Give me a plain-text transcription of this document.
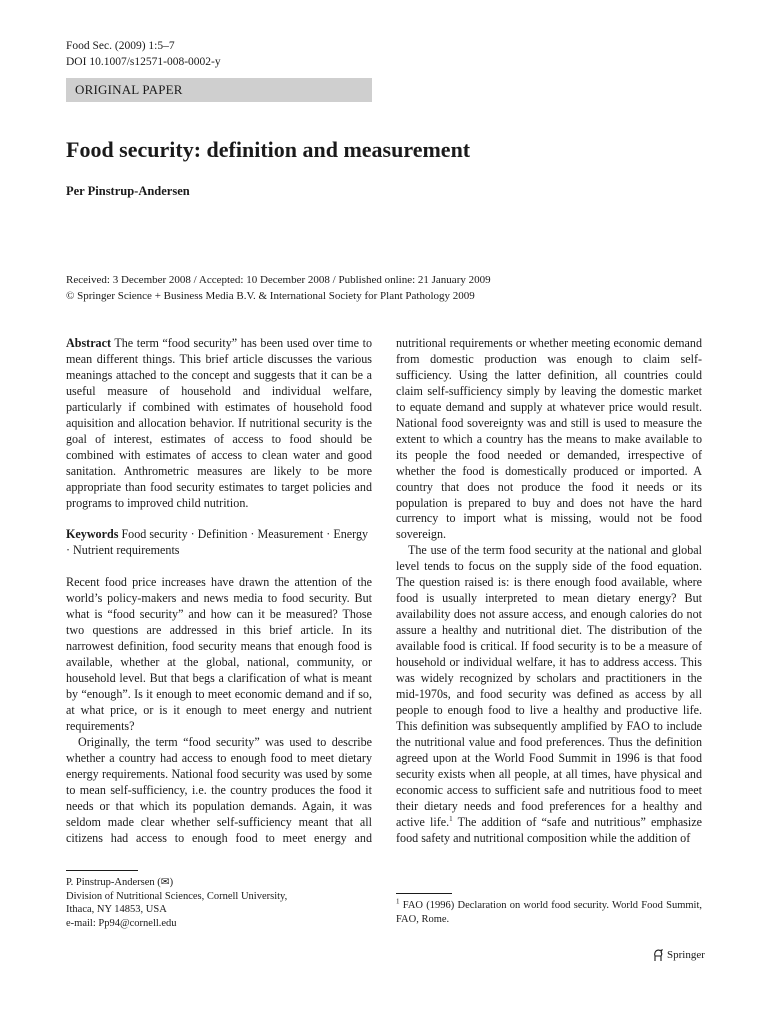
Food Sec. (2009) 1:5–7
DOI 10.1007/s12571-008-0002-y
ORIGINAL PAPER
Food security: definition and measurement
Per Pinstrup-Andersen
Received: 3 December 2008 / Accepted: 10 December 2008 / Published online: 21 January 2009
© Springer Science + Business Media B.V. & International Society for Plant Pathology 2009

Abstract The term “food security” has been used over time to mean different things. This brief article discusses the various meanings attached to the concept and suggests that it can be a useful measure of household and individual welfare, particularly if combined with estimates of household food aquisition and allocation behavior. If nutritional security is the goal of interest, estimates of access to food should be combined with estimates of access to clean water and good sanitation. Anthrometric measures are likely to be more appropriate than food security estimates to target policies and programs to improved child nutrition.

Keywords Food security · Definition · Measurement · Energy · Nutrient requirements

Recent food price increases have drawn the attention of the world’s policy-makers and news media to food security. But what is “food security” and how can it be measured? Those two questions are addressed in this brief article. In its narrowest definition, food security means that enough food is available, whether at the global, national, community, or household level. But that begs a clarification of what is meant by “enough”. Is it enough to meet economic demand and if so, at what price, or is it enough to meet energy and nutrient requirements?

Originally, the term “food security” was used to describe whether a country had access to enough food to meet dietary energy requirements. National food security was used by some to mean self-sufficiency, i.e. the country produces the food it needs or that which its population demands. Again, it was seldom made clear whether self-sufficiency meant that all citizens had access to enough food to meet energy and

nutritional requirements or whether meeting economic demand from domestic production was enough to claim self-sufficiency. Using the latter definition, all countries could claim self-sufficiency simply by leaving the domestic market to equate demand and supply at whatever price would result. National food sovereignty was and still is used to measure the extent to which a country has the means to make available to its people the food needed or demanded, irrespective of whether the food is domestically produced or imported. A country that does not produce the food it needs or its population is prepared to buy and does not have the hard currency to import what is missing, would not be food sovereign.

The use of the term food security at the national and global level tends to focus on the supply side of the food equation. The question raised is: is there enough food available, where food is usually interpreted to mean dietary energy? But availability does not assure access, and enough calories do not assure a healthy and nutritional diet. The distribution of the available food is critical. If food security is to be a measure of household or individual welfare, it has to address access. This was widely recognized by scholars and practitioners in the mid-1970s, and food security was defined as access by all people to enough food to live a healthy and productive life. This definition was subsequently amplified by FAO to include the nutritional value and food preferences. Thus the definition agreed upon at the World Food Summit in 1996 is that food security exists when all people, at all times, have physical and economic access to sufficient safe and nutritious food to meet their dietary needs and food preferences for a healthy and active life.$^1$ The addition of “safe and nutritious” emphasize food safety and nutritional composition while the addition of

P. Pinstrup-Andersen (✉)
Division of Nutritional Sciences, Cornell University,
Ithaca, NY 14853, USA
e-mail: Pp94@cornell.edu
$^1$ FAO (1996) Declaration on world food security. World Food Summit, FAO, Rome.
Springer
